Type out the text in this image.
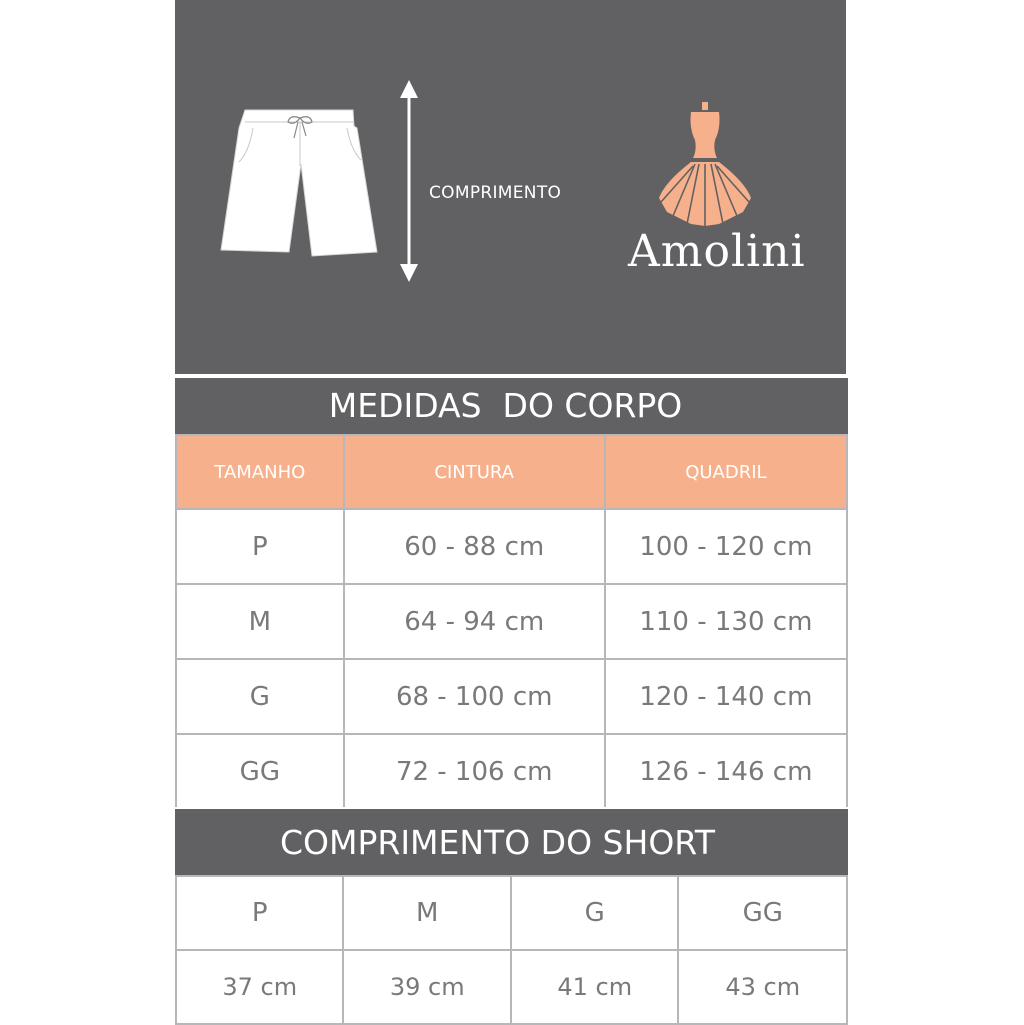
COMPRIMENTO
Amolini
MEDIDAS  DO CORPO
TAMANHO	CINTURA	QUADRIL
P	60 - 88 cm	100 - 120 cm
M	64 - 94 cm	110 - 130 cm
G	68 - 100 cm	120 - 140 cm
GG	72 - 106 cm	126 - 146 cm
COMPRIMENTO DO SHORT
P	M	G	GG
37 cm	39 cm	41 cm	43 cm
